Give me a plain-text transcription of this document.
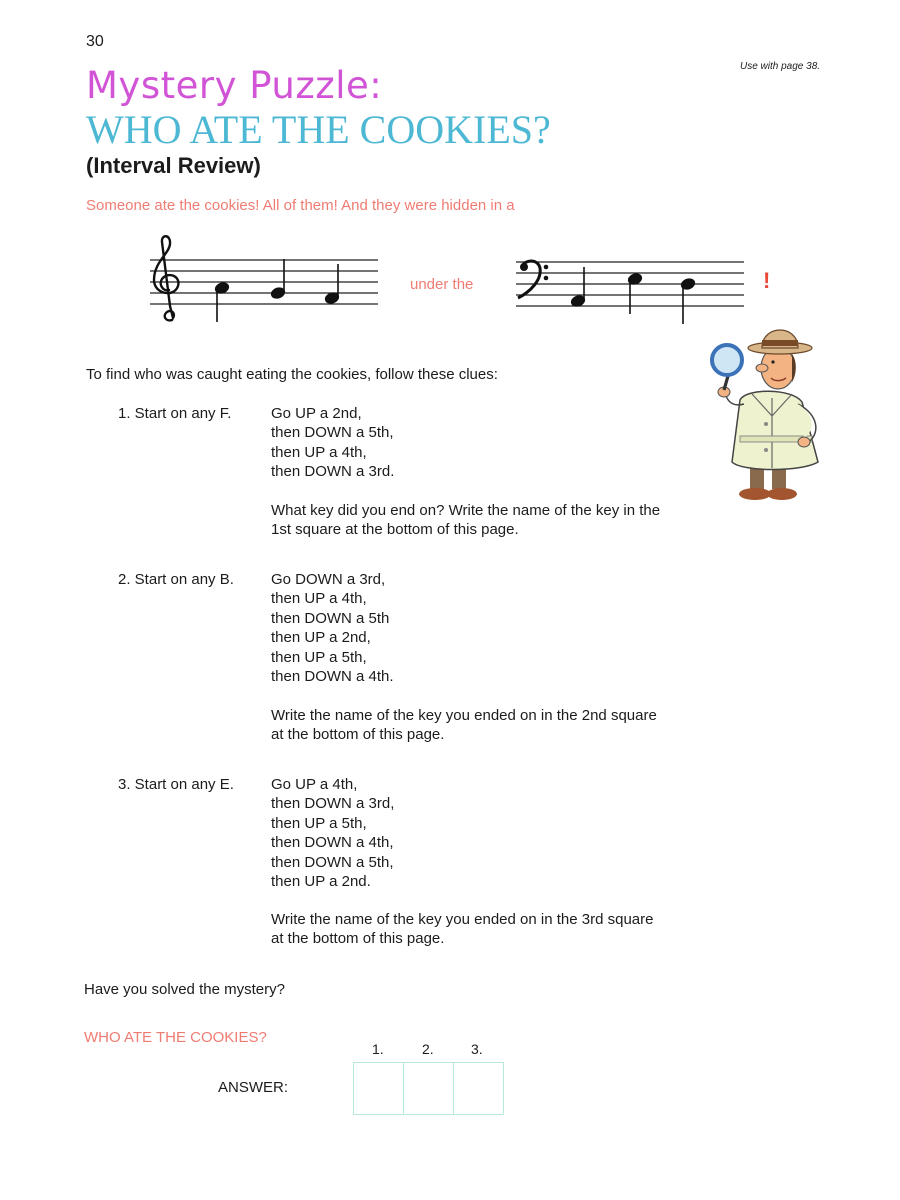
30
Use with page 38.
Mystery Puzzle:
WHO ATE THE COOKIES?
(Interval Review)
Someone ate the cookies! All of them! And they were hidden in a
under the	!
To find who was caught eating the cookies, follow these clues:
1. Start on any F.	Go UP a 2nd,
then DOWN a 5th,
then UP a 4th,
then DOWN a 3rd.
What key did you end on? Write the name of the key in the
1st square at the bottom of this page.
2. Start on any B. Go DOWN a 3rd,
then UP a 4th,
then DOWN a 5th
then UP a 2nd,
then UP a 5th,
then DOWN a 4th.
Write the name of the key you ended on in the 2nd square
at the bottom of this page.
3. Start on any E. Go UP a 4th,
then DOWN a 3rd,
then UP a 5th,
then DOWN a 4th,
then DOWN a 5th,
then UP a 2nd.
Write the name of the key you ended on in the 3rd square
at the bottom of this page.
Have you solved the mystery?
WHO ATE THE COOKIES?
1.	2.	3.
ANSWER:
